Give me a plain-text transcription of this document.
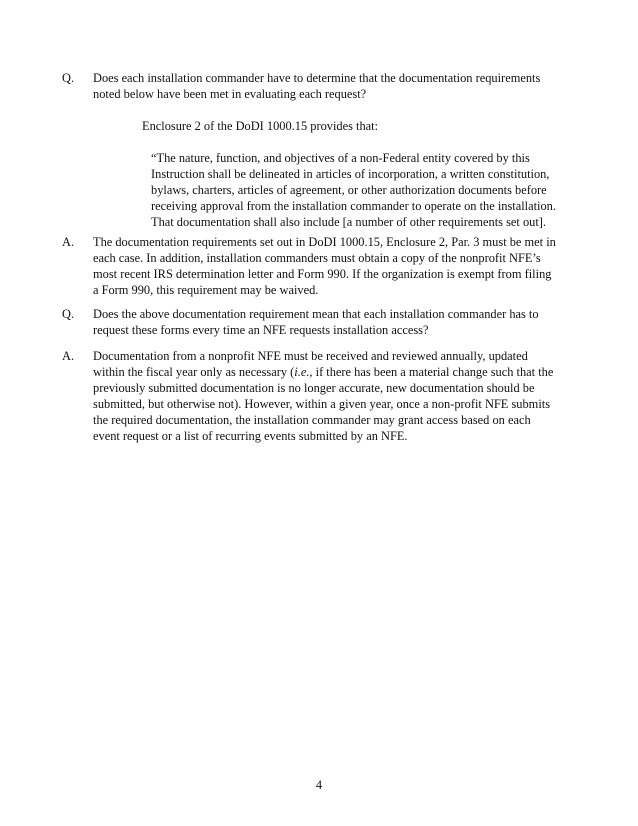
Q.	Does each installation commander have to determine that the documentation requirements
noted below have been met in evaluating each request?

Enclosure 2 of the DoDI 1000.15 provides that:

“The nature, function, and objectives of a non-Federal entity covered by this
Instruction shall be delineated in articles of incorporation, a written constitution,
bylaws, charters, articles of agreement, or other authorization documents before
receiving approval from the installation commander to operate on the installation.
That documentation shall also include [a number of other requirements set out].
A.	The documentation requirements set out in DoDI 1000.15, Enclosure 2, Par. 3 must be met in
each case. In addition, installation commanders must obtain a copy of the nonprofit NFE’s
most recent IRS determination letter and Form 990. If the organization is exempt from filing
a Form 990, this requirement may be waived.
Q.	Does the above documentation requirement mean that each installation commander has to
request these forms every time an NFE requests installation access?
A.	Documentation from a nonprofit NFE must be received and reviewed annually, updated
within the fiscal year only as necessary (i.e., if there has been a material change such that the
previously submitted documentation is no longer accurate, new documentation should be
submitted, but otherwise not). However, within a given year, once a non-profit NFE submits
the required documentation, the installation commander may grant access based on each
event request or a list of recurring events submitted by an NFE.

4
